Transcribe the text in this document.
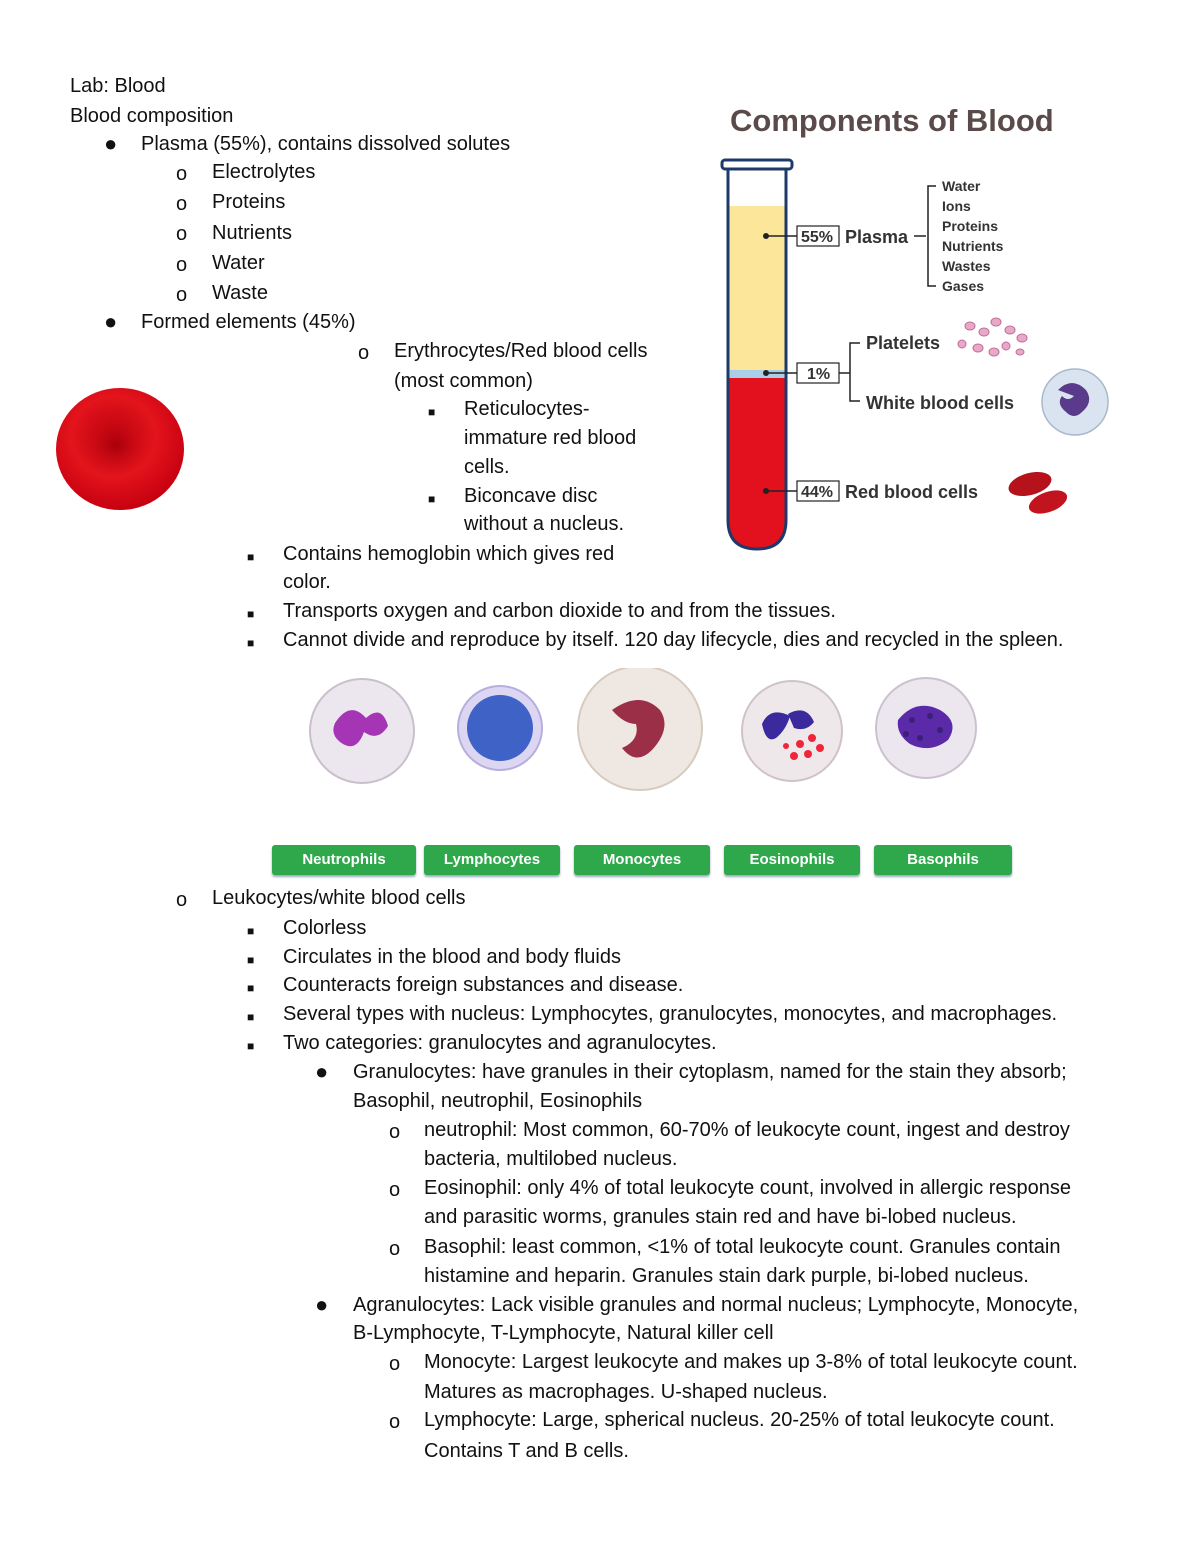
Lab: Blood
Blood composition
● Plasma (55%), contains dissolved solutes
o Electrolytes
o Proteins
o Nutrients
o Water
o Waste
● Formed elements (45%)
o Erythrocytes/Red blood cells
(most common)
■ Reticulocytes-
immature red blood
cells.
■ Biconcave disc
without a nucleus.
■ Contains hemoglobin which gives red
color.
■ Transports oxygen and carbon dioxide to and from the tissues.
■ Cannot divide and reproduce by itself. 120 day lifecycle, dies and recycled in the spleen.
o Leukocytes/white blood cells
■ Colorless
■ Circulates in the blood and body fluids
■ Counteracts foreign substances and disease.
■ Several types with nucleus: Lymphocytes, granulocytes, monocytes, and macrophages.
■ Two categories: granulocytes and agranulocytes.
● Granulocytes: have granules in their cytoplasm, named for the stain they absorb;
Basophil, neutrophil, Eosinophils
o neutrophil: Most common, 60-70% of leukocyte count, ingest and destroy
bacteria, multilobed nucleus.
o Eosinophil: only 4% of total leukocyte count, involved in allergic response
and parasitic worms, granules stain red and have bi-lobed nucleus.
o Basophil: least common, <1% of total leukocyte count. Granules contain
histamine and heparin. Granules stain dark purple, bi-lobed nucleus.
● Agranulocytes: Lack visible granules and normal nucleus; Lymphocyte, Monocyte,
B-Lymphocyte, T-Lymphocyte, Natural killer cell
o Monocyte: Largest leukocyte and makes up 3-8% of total leukocyte count.
Matures as macrophages. U-shaped nucleus.
o Lymphocyte: Large, spherical nucleus. 20-25% of total leukocyte count.
Contains T and B cells.
Components of Blood
55% Plasma
Water
Ions
Proteins
Nutrients
Wastes
Gases
1%
Platelets
White blood cells
44% Red blood cells
Neutrophils	Lymphocytes	Monocytes	Eosinophils	Basophils
